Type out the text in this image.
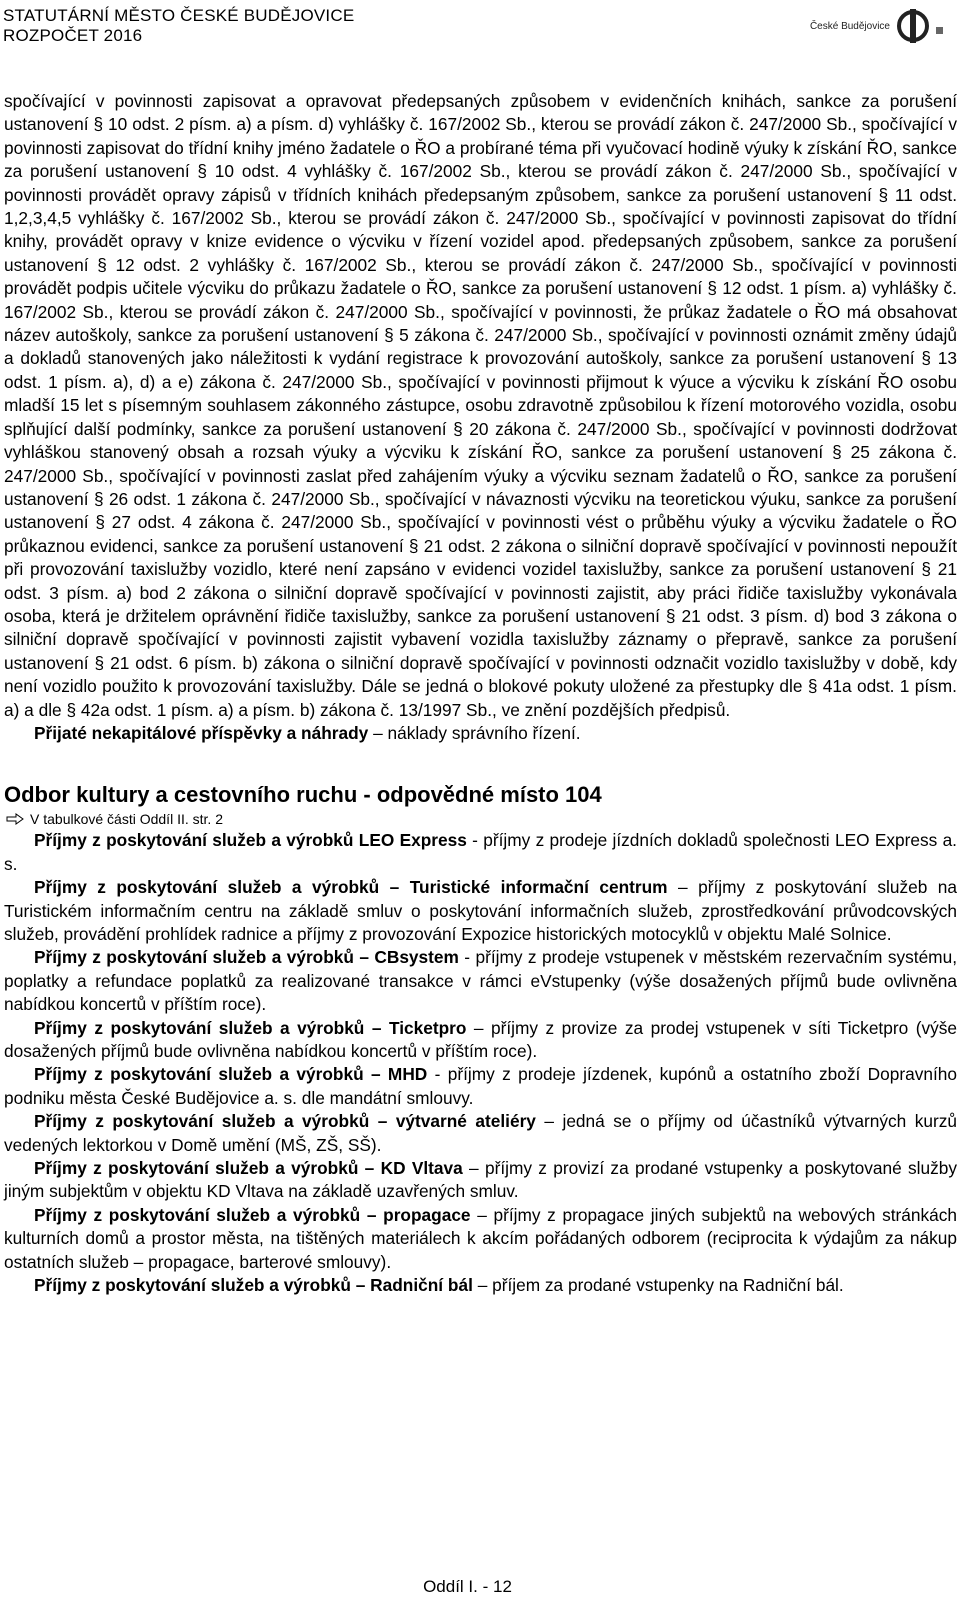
STATUTÁRNÍ MĚSTO ČESKÉ BUDĚJOVICE
ROZPOČET 2016	České Budějovice

spočívající v povinnosti zapisovat a opravovat předepsaných způsobem v evidenčních knihách, sankce za porušení ustanovení § 10 odst. 2 písm. a) a písm. d) vyhlášky č. 167/2002 Sb., kterou se provádí zákon č. 247/2000 Sb., spočívající v povinnosti zapisovat do třídní knihy jméno žadatele o ŘO a probírané téma při vyučovací hodině výuky k získání ŘO, sankce za porušení ustanovení § 10 odst. 4 vyhlášky č. 167/2002 Sb., kterou se provádí zákon č. 247/2000 Sb., spočívající v povinnosti provádět opravy zápisů v třídních knihách předepsaným způsobem, sankce za porušení ustanovení § 11 odst. 1,2,3,4,5 vyhlášky č. 167/2002 Sb., kterou se provádí zákon č. 247/2000 Sb., spočívající v povinnosti zapisovat do třídní knihy, provádět opravy v knize evidence o výcviku v řízení vozidel apod. předepsaných způsobem, sankce za porušení ustanovení § 12 odst. 2 vyhlášky č. 167/2002 Sb., kterou se provádí zákon č. 247/2000 Sb., spočívající v povinnosti provádět podpis učitele výcviku do průkazu žadatele o ŘO, sankce za porušení ustanovení § 12 odst. 1 písm. a) vyhlášky č. 167/2002 Sb., kterou se provádí zákon č. 247/2000 Sb., spočívající v povinnosti, že průkaz žadatele o ŘO má obsahovat název autoškoly, sankce za porušení ustanovení § 5 zákona č. 247/2000 Sb., spočívající v povinnosti oznámit změny údajů a dokladů stanovených jako náležitosti k vydání registrace k provozování autoškoly, sankce za porušení ustanovení § 13 odst. 1 písm. a), d) a e) zákona č. 247/2000 Sb., spočívající v povinnosti přijmout k výuce a výcviku k získání ŘO osobu mladší 15 let s písemným souhlasem zákonného zástupce, osobu zdravotně způsobilou k řízení motorového vozidla, osobu splňující další podmínky, sankce za porušení ustanovení § 20 zákona č. 247/2000 Sb., spočívající v povinnosti dodržovat vyhláškou stanovený obsah a rozsah výuky a výcviku k získání ŘO, sankce za porušení ustanovení § 25 zákona č. 247/2000 Sb., spočívající v povinnosti zaslat před zahájením výuky a výcviku seznam žadatelů o ŘO, sankce za porušení ustanovení § 26 odst. 1 zákona č. 247/2000 Sb., spočívající v návaznosti výcviku na teoretickou výuku, sankce za porušení ustanovení § 27 odst. 4 zákona č. 247/2000 Sb., spočívající v povinnosti vést o průběhu výuky a výcviku žadatele o ŘO průkaznou evidenci, sankce za porušení ustanovení § 21 odst. 2 zákona o silniční dopravě spočívající v povinnosti nepoužít při provozování taxislužby vozidlo, které není zapsáno v evidenci vozidel taxislužby, sankce za porušení ustanovení § 21 odst. 3 písm. a) bod 2 zákona o silniční dopravě spočívající v povinnosti zajistit, aby práci řidiče taxislužby vykonávala osoba, která je držitelem oprávnění řidiče taxislužby, sankce za porušení ustanovení § 21 odst. 3 písm. d) bod 3 zákona o silniční dopravě spočívající v povinnosti zajistit vybavení vozidla taxislužby záznamy o přepravě, sankce za porušení ustanovení § 21 odst. 6 písm. b) zákona o silniční dopravě spočívající v povinnosti odznačit vozidlo taxislužby v době, kdy není vozidlo použito k provozování taxislužby. Dále se jedná o blokové pokuty uložené za přestupky dle § 41a odst. 1 písm. a) a dle § 42a odst. 1 písm. a) a písm. b) zákona č. 13/1997 Sb., ve znění pozdějších předpisů.

Přijaté nekapitálové příspěvky a náhrady – náklady správního řízení.

Odbor kultury a cestovního ruchu - odpovědné místo 104
V tabulkové části Oddíl II. str. 2

Příjmy z poskytování služeb a výrobků LEO Express - příjmy z prodeje jízdních dokladů společnosti LEO Express a. s.

Příjmy z poskytování služeb a výrobků – Turistické informační centrum – příjmy z poskytování služeb na Turistickém informačním centru na základě smluv o poskytování informačních služeb, zprostředkování průvodcovských služeb, provádění prohlídek radnice a příjmy z provozování Expozice historických motocyklů v objektu Malé Solnice.

Příjmy z poskytování služeb a výrobků – CBsystem - příjmy z prodeje vstupenek v městském rezervačním systému, poplatky a refundace poplatků za realizované transakce v rámci eVstupenky (výše dosažených příjmů bude ovlivněna nabídkou koncertů v příštím roce).

Příjmy z poskytování služeb a výrobků – Ticketpro – příjmy z provize za prodej vstupenek v síti Ticketpro (výše dosažených příjmů bude ovlivněna nabídkou koncertů v příštím roce).

Příjmy z poskytování služeb a výrobků – MHD - příjmy z prodeje jízdenek, kupónů a ostatního zboží Dopravního podniku města České Budějovice a. s. dle mandátní smlouvy.

Příjmy z poskytování služeb a výrobků – výtvarné ateliéry – jedná se o příjmy od účastníků výtvarných kurzů vedených lektorkou v Domě umění (MŠ, ZŠ, SŠ).

Příjmy z poskytování služeb a výrobků – KD Vltava – příjmy z provizí za prodané vstupenky a poskytované služby jiným subjektům v objektu KD Vltava na základě uzavřených smluv.

Příjmy z poskytování služeb a výrobků – propagace – příjmy z propagace jiných subjektů na webových stránkách kulturních domů a prostor města, na tištěných materiálech k akcím pořádaných odborem (reciprocita k výdajům za nákup ostatních služeb – propagace, barterové smlouvy).

Příjmy z poskytování služeb a výrobků – Radniční bál – příjem za prodané vstupenky na Radniční bál.

Oddíl I. - 12
